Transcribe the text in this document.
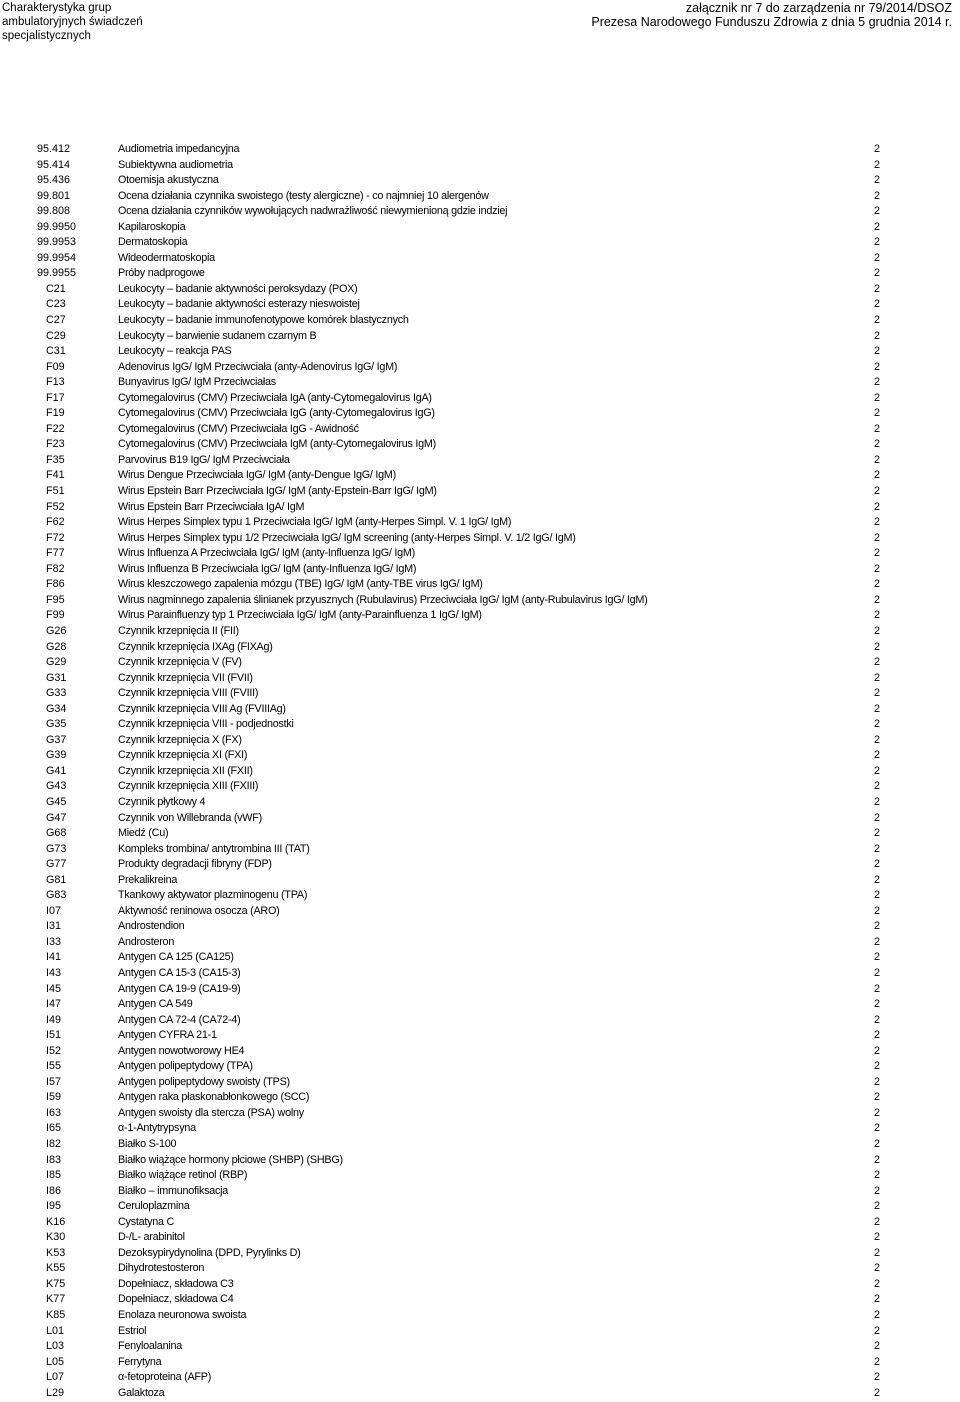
Charakterystyka grup
ambulatoryjnych świadczeń
specjalistycznych
załącznik nr 7 do zarządzenia nr 79/2014/DSOZ
Prezesa Narodowego Funduszu Zdrowia z dnia 5 grudnia 2014 r.
95.412	Audiometria impedancyjna	2
95.414	Subiektywna audiometria	2
95.436	Otoemisja akustyczna	2
99.801	Ocena działania czynnika swoistego (testy alergiczne) - co najmniej 10 alergenów	2
99.808	Ocena działania czynników wywołujących nadwrażliwość niewymienioną gdzie indziej	2
99.9950	Kapilaroskopia	2
99.9953	Dermatoskopia	2
99.9954	Wideodermatoskopia	2
99.9955	Próby nadprogowe	2
C21	Leukocyty – badanie aktywności peroksydazy (POX)	2
C23	Leukocyty – badanie aktywności esterazy nieswoistej	2
C27	Leukocyty – badanie immunofenotypowe komórek blastycznych	2
C29	Leukocyty – barwienie sudanem czarnym B	2
C31	Leukocyty – reakcja PAS	2
F09	Adenovirus IgG/ IgM Przeciwciała (anty-Adenovirus IgG/ IgM)	2
F13	Bunyavirus IgG/ IgM Przeciwciałas	2
F17	Cytomegalovirus (CMV) Przeciwciała IgA (anty-Cytomegalovirus IgA)	2
F19	Cytomegalovirus (CMV) Przeciwciała IgG (anty-Cytomegalovirus IgG)	2
F22	Cytomegalovirus (CMV) Przeciwciała IgG - Awidność	2
F23	Cytomegalovirus (CMV) Przeciwciała IgM (anty-Cytomegalovirus IgM)	2
F35	Parvovirus B19 IgG/ IgM Przeciwciała	2
F41	Wirus Dengue Przeciwciała IgG/ IgM (anty-Dengue IgG/ IgM)	2
F51	Wirus Epstein Barr Przeciwciała IgG/ IgM (anty-Epstein-Barr IgG/ IgM)	2
F52	Wirus Epstein Barr Przeciwciała IgA/ IgM	2
F62	Wirus Herpes Simplex typu 1 Przeciwciała IgG/ IgM (anty-Herpes Simpl. V. 1 IgG/ IgM)	2
F72	Wirus Herpes Simplex typu 1/2 Przeciwciała IgG/ IgM screening (anty-Herpes Simpl. V. 1/2 IgG/ IgM)	2
F77	Wirus Influenza A Przeciwciała IgG/ IgM (anty-Influenza IgG/ IgM)	2
F82	Wirus Influenza B Przeciwciała IgG/ IgM (anty-Influenza IgG/ IgM)	2
F86	Wirus kleszczowego zapalenia mózgu (TBE) IgG/ IgM (anty-TBE virus IgG/ IgM)	2
F95	Wirus nagminnego zapalenia ślinianek przyusznych (Rubulavirus) Przeciwciała IgG/ IgM (anty-Rubulavirus IgG/ IgM)	2
F99	Wirus Parainfluenzy typ 1 Przeciwciała IgG/ IgM (anty-Parainfluenza 1 IgG/ IgM)	2
G26	Czynnik krzepnięcia II (FII)	2
G28	Czynnik krzepnięcia IXAg (FIXAg)	2
G29	Czynnik krzepnięcia V (FV)	2
G31	Czynnik krzepnięcia VII (FVII)	2
G33	Czynnik krzepnięcia VIII (FVIII)	2
G34	Czynnik krzepnięcia VIII Ag (FVIIIAg)	2
G35	Czynnik krzepnięcia VIII - podjednostki	2
G37	Czynnik krzepnięcia X (FX)	2
G39	Czynnik krzepnięcia XI (FXI)	2
G41	Czynnik krzepnięcia XII (FXII)	2
G43	Czynnik krzepnięcia XIII (FXIII)	2
G45	Czynnik płytkowy 4	2
G47	Czynnik von Willebranda (vWF)	2
G68	Miedź (Cu)	2
G73	Kompleks trombina/ antytrombina III (TAT)	2
G77	Produkty degradacji fibryny (FDP)	2
G81	Prekalikreina	2
G83	Tkankowy aktywator plazminogenu (TPA)	2
I07	Aktywność reninowa osocza (ARO)	2
I31	Androstendion	2
I33	Androsteron	2
I41	Antygen CA 125 (CA125)	2
I43	Antygen CA 15-3 (CA15-3)	2
I45	Antygen CA 19-9 (CA19-9)	2
I47	Antygen CA 549	2
I49	Antygen CA 72-4 (CA72-4)	2
I51	Antygen CYFRA 21-1	2
I52	Antygen nowotworowy HE4	2
I55	Antygen polipeptydowy (TPA)	2
I57	Antygen polipeptydowy swoisty (TPS)	2
I59	Antygen raka płaskonabłonkowego (SCC)	2
I63	Antygen swoisty dla stercza (PSA) wolny	2
I65	α-1-Antytrypsyna	2
I82	Białko S-100	2
I83	Białko wiążące hormony płciowe (SHBP) (SHBG)	2
I85	Białko wiążące retinol (RBP)	2
I86	Białko – immunofiksacja	2
I95	Ceruloplazmina	2
K16	Cystatyna C	2
K30	D-/L- arabinitol	2
K53	Dezoksypirydynolina (DPD, Pyrylinks D)	2
K55	Dihydrotestosteron	2
K75	Dopełniacz, składowa C3	2
K77	Dopełniacz, składowa C4	2
K85	Enolaza neuronowa swoista	2
L01	Estriol	2
L03	Fenyloalanina	2
L05	Ferrytyna	2
L07	α-fetoproteina (AFP)	2
L29	Galaktoza	2
